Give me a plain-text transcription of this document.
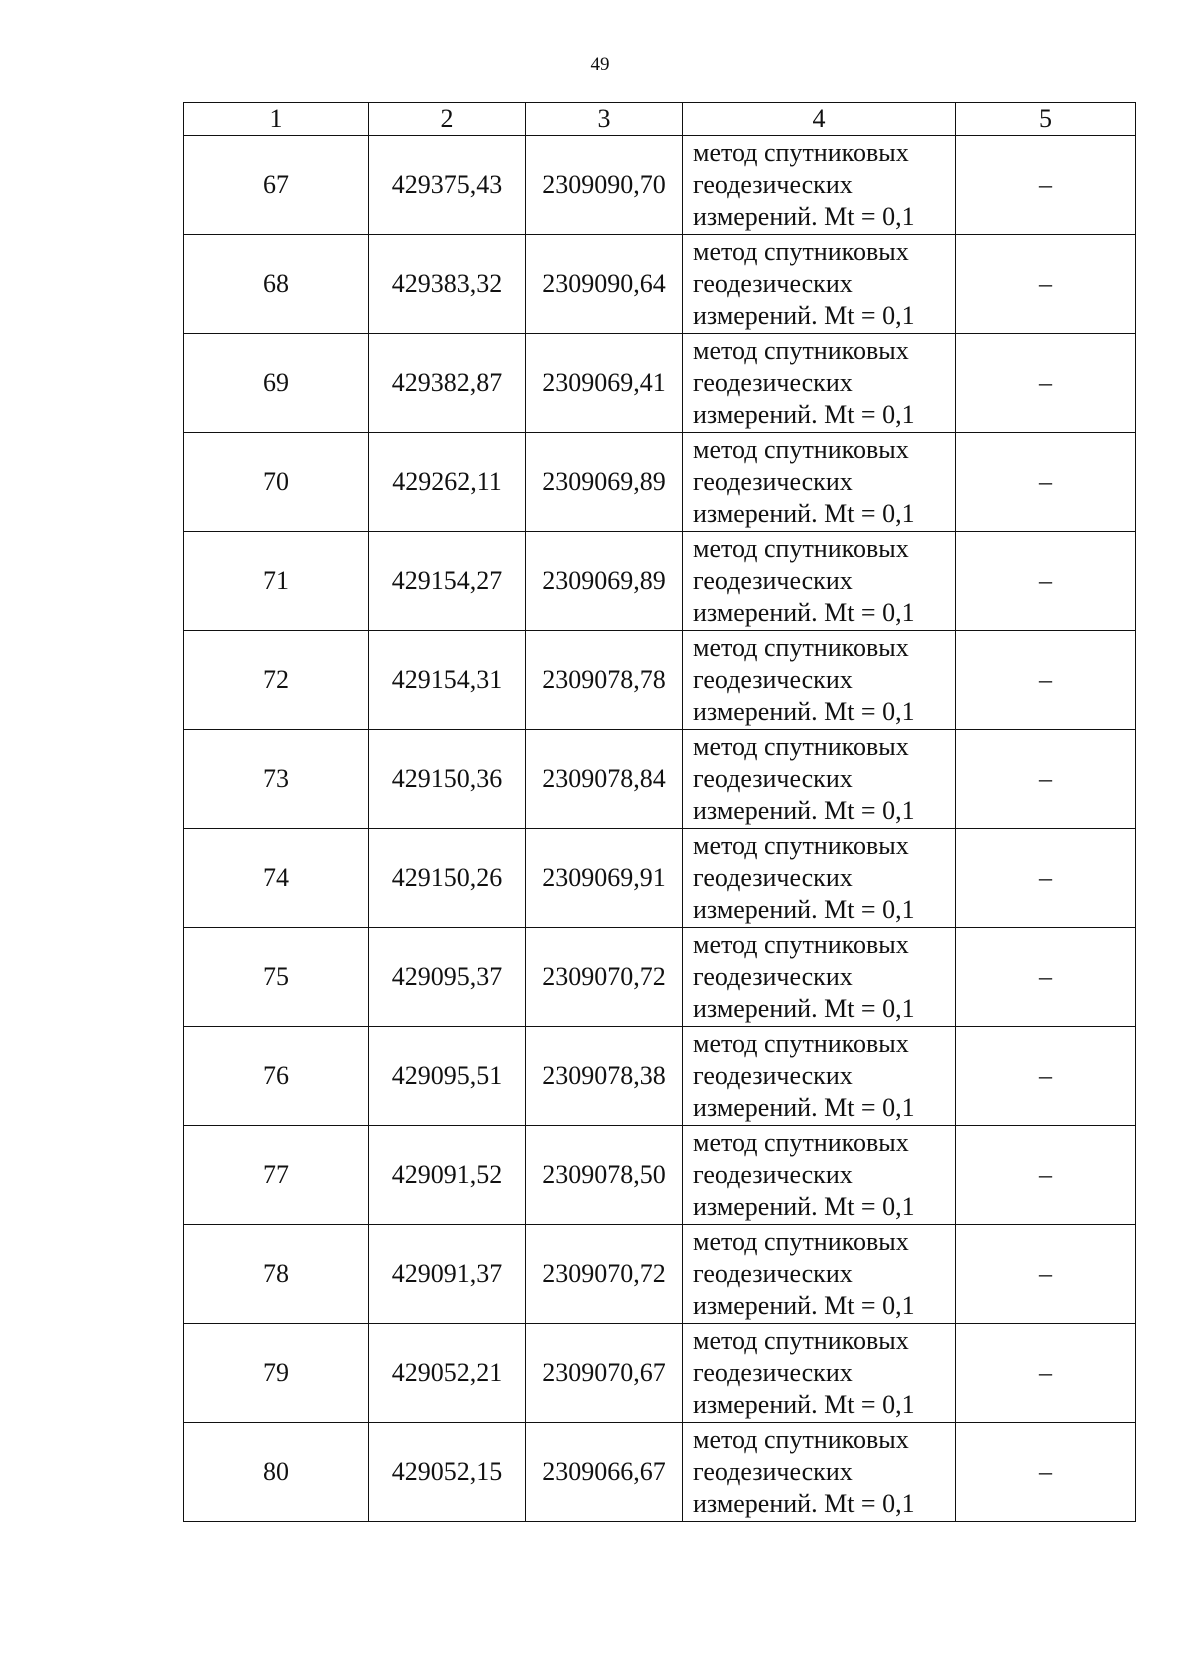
49
1	2	3	4	5
67	429375,43	2309090,70	метод спутниковых
геодезических
измерений. Mt = 0,1	–
68	429383,32	2309090,64	метод спутниковых
геодезических
измерений. Mt = 0,1	–
69	429382,87	2309069,41	метод спутниковых
геодезических
измерений. Mt = 0,1	–
70	429262,11	2309069,89	метод спутниковых
геодезических
измерений. Mt = 0,1	–
71	429154,27	2309069,89	метод спутниковых
геодезических
измерений. Mt = 0,1	–
72	429154,31	2309078,78	метод спутниковых
геодезических
измерений. Mt = 0,1	–
73	429150,36	2309078,84	метод спутниковых
геодезических
измерений. Mt = 0,1	–
74	429150,26	2309069,91	метод спутниковых
геодезических
измерений. Mt = 0,1	–
75	429095,37	2309070,72	метод спутниковых
геодезических
измерений. Mt = 0,1	–
76	429095,51	2309078,38	метод спутниковых
геодезических
измерений. Mt = 0,1	–
77	429091,52	2309078,50	метод спутниковых
геодезических
измерений. Mt = 0,1	–
78	429091,37	2309070,72	метод спутниковых
геодезических
измерений. Mt = 0,1	–
79	429052,21	2309070,67	метод спутниковых
геодезических
измерений. Mt = 0,1	–
80	429052,15	2309066,67	метод спутниковых
геодезических
измерений. Mt = 0,1	–
